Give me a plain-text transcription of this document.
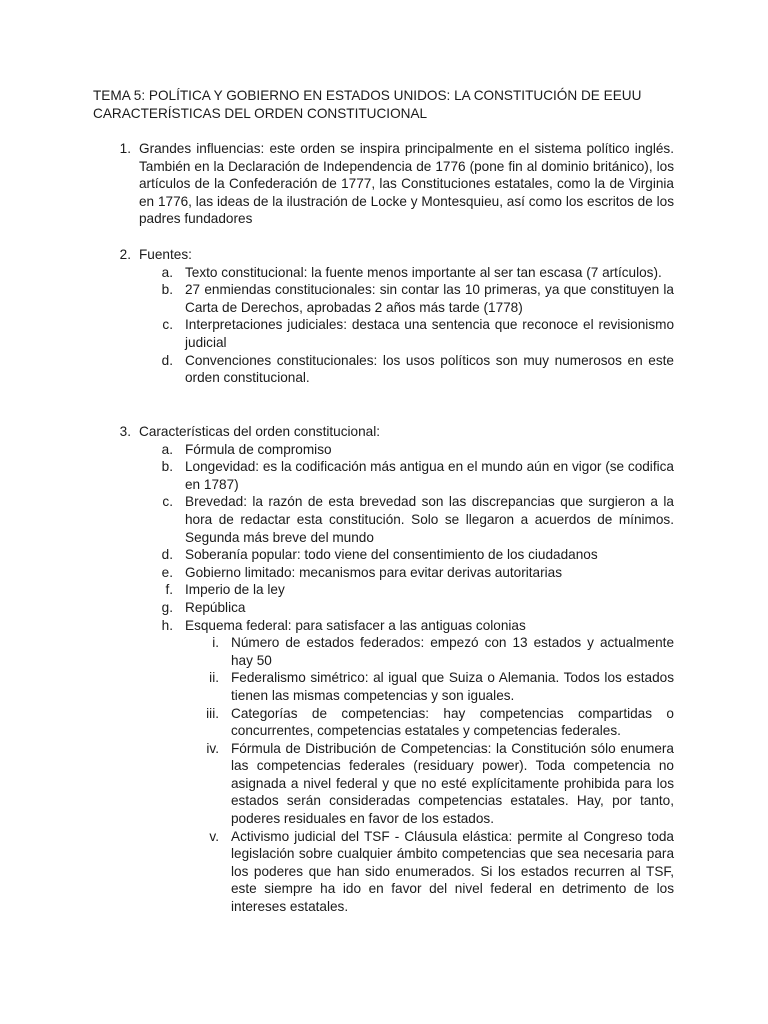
TEMA 5: POLÍTICA Y GOBIERNO EN ESTADOS UNIDOS: LA CONSTITUCIÓN DE EEUU
CARACTERÍSTICAS DEL ORDEN CONSTITUCIONAL
1. Grandes influencias: este orden se inspira principalmente en el sistema político inglés. También en la Declaración de Independencia de 1776 (pone fin al dominio británico), los artículos de la Confederación de 1777, las Constituciones estatales, como la de Virginia en 1776, las ideas de la ilustración de Locke y Montesquieu, así como los escritos de los padres fundadores
2. Fuentes:
a. Texto constitucional: la fuente menos importante al ser tan escasa (7 artículos).
b. 27 enmiendas constitucionales: sin contar las 10 primeras, ya que constituyen la Carta de Derechos, aprobadas 2 años más tarde (1778)
c. Interpretaciones judiciales: destaca una sentencia que reconoce el revisionismo judicial
d. Convenciones constitucionales: los usos políticos son muy numerosos en este orden constitucional.
3. Características del orden constitucional:
a. Fórmula de compromiso
b. Longevidad: es la codificación más antigua en el mundo aún en vigor (se codifica en 1787)
c. Brevedad: la razón de esta brevedad son las discrepancias que surgieron a la hora de redactar esta constitución. Solo se llegaron a acuerdos de mínimos. Segunda más breve del mundo
d. Soberanía popular: todo viene del consentimiento de los ciudadanos
e. Gobierno limitado: mecanismos para evitar derivas autoritarias
f. Imperio de la ley
g. República
h. Esquema federal: para satisfacer a las antiguas colonias
i. Número de estados federados: empezó con 13 estados y actualmente hay 50
ii. Federalismo simétrico: al igual que Suiza o Alemania. Todos los estados tienen las mismas competencias y son iguales.
iii. Categorías de competencias: hay competencias compartidas o concurrentes, competencias estatales y competencias federales.
iv. Fórmula de Distribución de Competencias: la Constitución sólo enumera las competencias federales (residuary power). Toda competencia no asignada a nivel federal y que no esté explícitamente prohibida para los estados serán consideradas competencias estatales. Hay, por tanto, poderes residuales en favor de los estados.
v. Activismo judicial del TSF - Cláusula elástica: permite al Congreso toda legislación sobre cualquier ámbito competencias que sea necesaria para los poderes que han sido enumerados. Si los estados recurren al TSF, este siempre ha ido en favor del nivel federal en detrimento de los intereses estatales.
